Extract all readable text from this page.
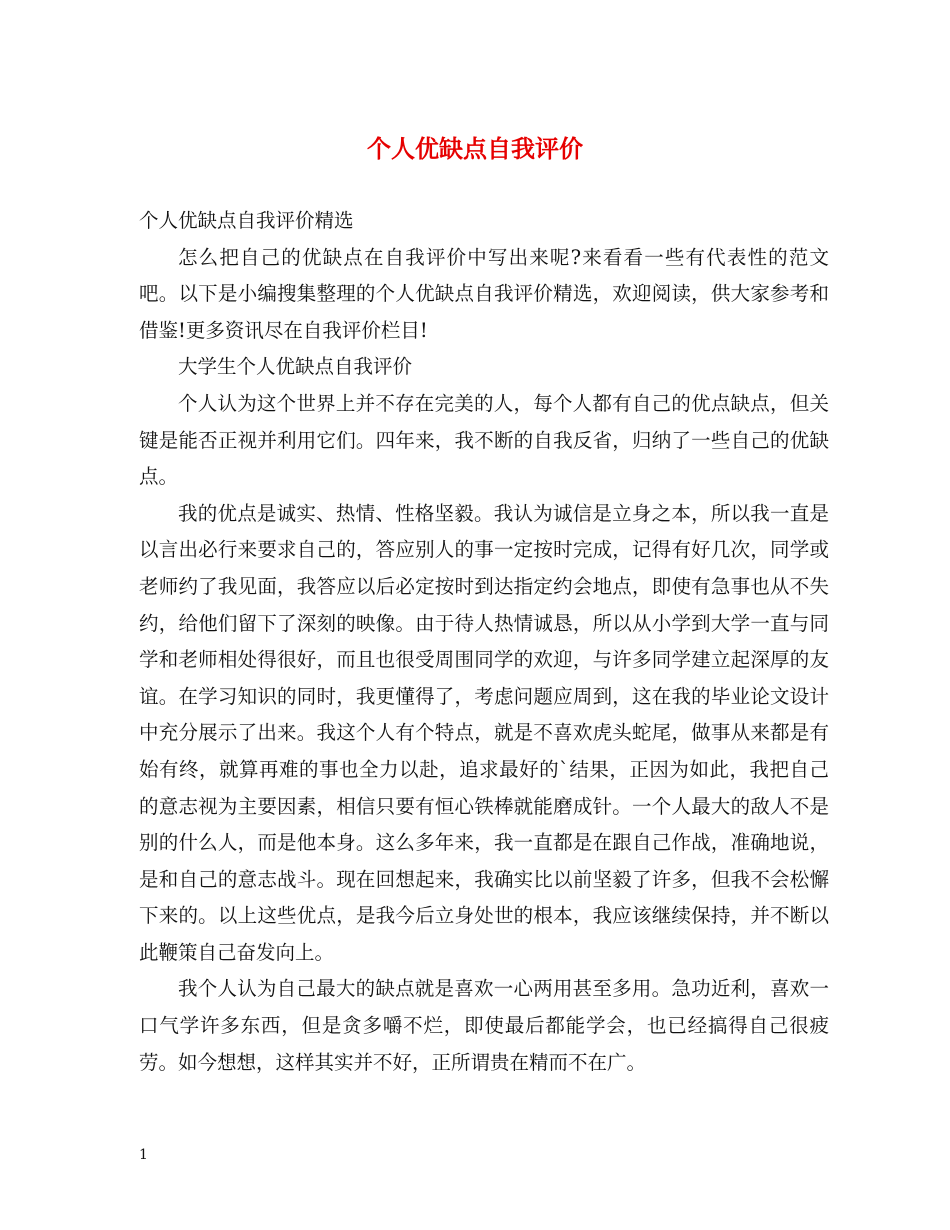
个人优缺点自我评价

个人优缺点自我评价精选

怎么把自己的优缺点在自我评价中写出来呢?来看看一些有代表性的范文吧。以下是小编搜集整理的个人优缺点自我评价精选，欢迎阅读，供大家参考和借鉴!更多资讯尽在自我评价栏目!

大学生个人优缺点自我评价

个人认为这个世界上并不存在完美的人，每个人都有自己的优点缺点，但关键是能否正视并利用它们。四年来，我不断的自我反省，归纳了一些自己的优缺点。

我的优点是诚实、热情、性格坚毅。我认为诚信是立身之本，所以我一直是以言出必行来要求自己的，答应别人的事一定按时完成，记得有好几次，同学或老师约了我见面，我答应以后必定按时到达指定约会地点，即使有急事也从不失约，给他们留下了深刻的映像。由于待人热情诚恳，所以从小学到大学一直与同学和老师相处得很好，而且也很受周围同学的欢迎，与许多同学建立起深厚的友谊。在学习知识的同时，我更懂得了，考虑问题应周到，这在我的毕业论文设计中充分展示了出来。我这个人有个特点，就是不喜欢虎头蛇尾，做事从来都是有始有终，就算再难的事也全力以赴，追求最好的`结果，正因为如此，我把自己的意志视为主要因素，相信只要有恒心铁棒就能磨成针。一个人最大的敌人不是别的什么人，而是他本身。这么多年来，我一直都是在跟自己作战，准确地说，是和自己的意志战斗。现在回想起来，我确实比以前坚毅了许多，但我不会松懈下来的。以上这些优点，是我今后立身处世的根本，我应该继续保持，并不断以此鞭策自己奋发向上。

我个人认为自己最大的缺点就是喜欢一心两用甚至多用。急功近利，喜欢一口气学许多东西，但是贪多嚼不烂，即使最后都能学会，也已经搞得自己很疲劳。如今想想，这样其实并不好，正所谓贵在精而不在广。

1
